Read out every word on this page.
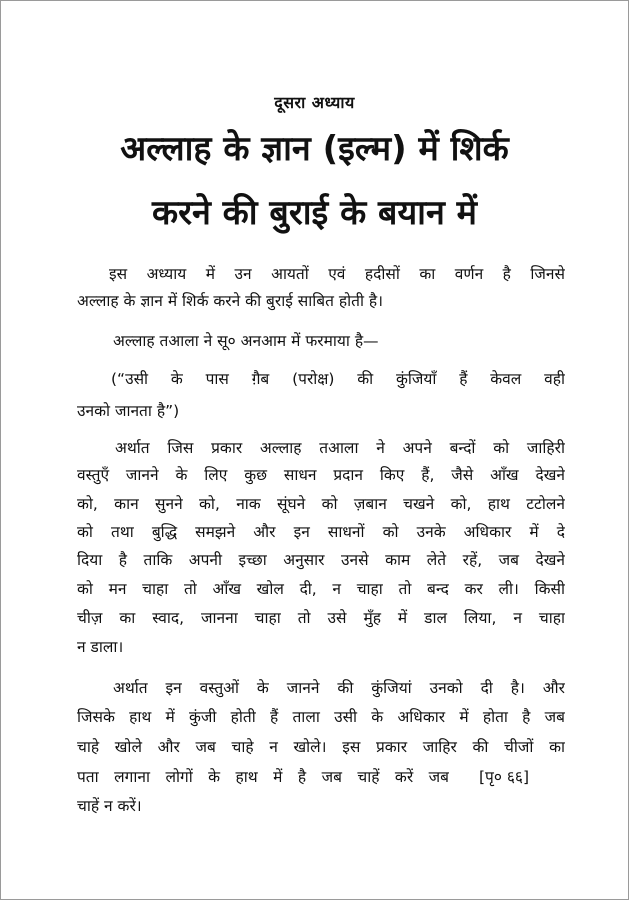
दूसरा अध्याय
अल्लाह के ज्ञान (इल्म) में शिर्क
करने की बुराई के बयान में
इस अध्याय में उन आयतों एवं हदीसों का वर्णन है जिनसे
अल्लाह के ज्ञान में शिर्क करने की बुराई साबित होती है।
अल्लाह तआला ने सू० अनआम में फरमाया है—
(“उसी के पास गै़ब (परोक्ष) की कुंजियाँ हैं केवल वही
उनको जानता है”)
अर्थात जिस प्रकार अल्लाह तआला ने अपने बन्दों को जाहिरी
वस्तुएँ जानने के लिए कुछ साधन प्रदान किए हैं, जैसे आँख देखने
को, कान सुनने को, नाक सूंघने को ज़बान चखने को, हाथ टटोलने
को तथा बुद्धि समझने और इन साधनों को उनके अधिकार में दे
दिया है ताकि अपनी इच्छा अनुसार उनसे काम लेते रहें, जब देखने
को मन चाहा तो आँख खोल दी, न चाहा तो बन्द कर ली। किसी
चीज़ का स्वाद, जानना चाहा तो उसे मुँह में डाल लिया, न चाहा
न डाला।
अर्थात इन वस्तुओं के जानने की कुंजियां उनको दी है। और
जिसके हाथ में कुंजी होती हैं ताला उसी के अधिकार में होता है जब
चाहे खोले और जब चाहे न खोले। इस प्रकार जाहिर की चीजों का
पता लगाना लोगों के हाथ में है जब चाहें करें जब [पृ० ६६]
चाहें न करें।
